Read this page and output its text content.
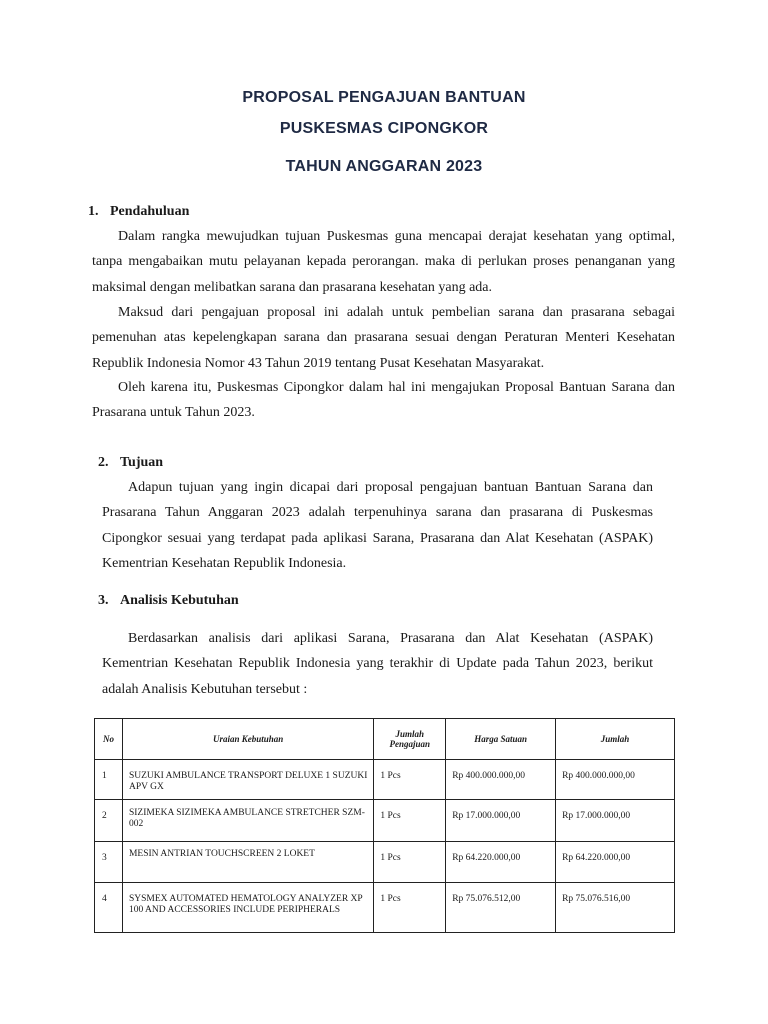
PROPOSAL PENGAJUAN BANTUAN
PUSKESMAS CIPONGKOR
TAHUN ANGGARAN 2023
1. Pendahuluan
Dalam rangka mewujudkan tujuan Puskesmas guna mencapai derajat kesehatan yang optimal, tanpa mengabaikan mutu pelayanan kepada perorangan. maka di perlukan proses penanganan yang maksimal dengan melibatkan sarana dan prasarana kesehatan yang ada.
Maksud dari pengajuan proposal ini adalah untuk pembelian sarana dan prasarana sebagai pemenuhan atas kepelengkapan sarana dan prasarana sesuai dengan Peraturan Menteri Kesehatan Republik Indonesia Nomor 43 Tahun 2019 tentang Pusat Kesehatan Masyarakat.
Oleh karena itu, Puskesmas Cipongkor dalam hal ini mengajukan Proposal Bantuan Sarana dan Prasarana untuk Tahun 2023.
2. Tujuan
Adapun tujuan yang ingin dicapai dari proposal pengajuan bantuan Bantuan Sarana dan Prasarana Tahun Anggaran 2023 adalah terpenuhinya sarana dan prasarana di Puskesmas Cipongkor sesuai yang terdapat pada aplikasi Sarana, Prasarana dan Alat Kesehatan (ASPAK) Kementrian Kesehatan Republik Indonesia.
3. Analisis Kebutuhan
Berdasarkan analisis dari aplikasi Sarana, Prasarana dan Alat Kesehatan (ASPAK) Kementrian Kesehatan Republik Indonesia yang terakhir di Update pada Tahun 2023, berikut adalah Analisis Kebutuhan tersebut :
No	Uraian Kebutuhan	Jumlah Pengajuan	Harga Satuan	Jumlah
1	SUZUKI AMBULANCE TRANSPORT DELUXE 1 SUZUKI APV GX	1 Pcs	Rp 400.000.000,00	Rp 400.000.000,00
2	SIZIMEKA SIZIMEKA AMBULANCE STRETCHER SZM-002	1 Pcs	Rp 17.000.000,00	Rp 17.000.000,00
3	MESIN ANTRIAN TOUCHSCREEN 2 LOKET	1 Pcs	Rp 64.220.000,00	Rp 64.220.000,00
4	SYSMEX AUTOMATED HEMATOLOGY ANALYZER XP 100 AND ACCESSORIES INCLUDE PERIPHERALS	1 Pcs	Rp 75.076.512,00	Rp 75.076.516,00
